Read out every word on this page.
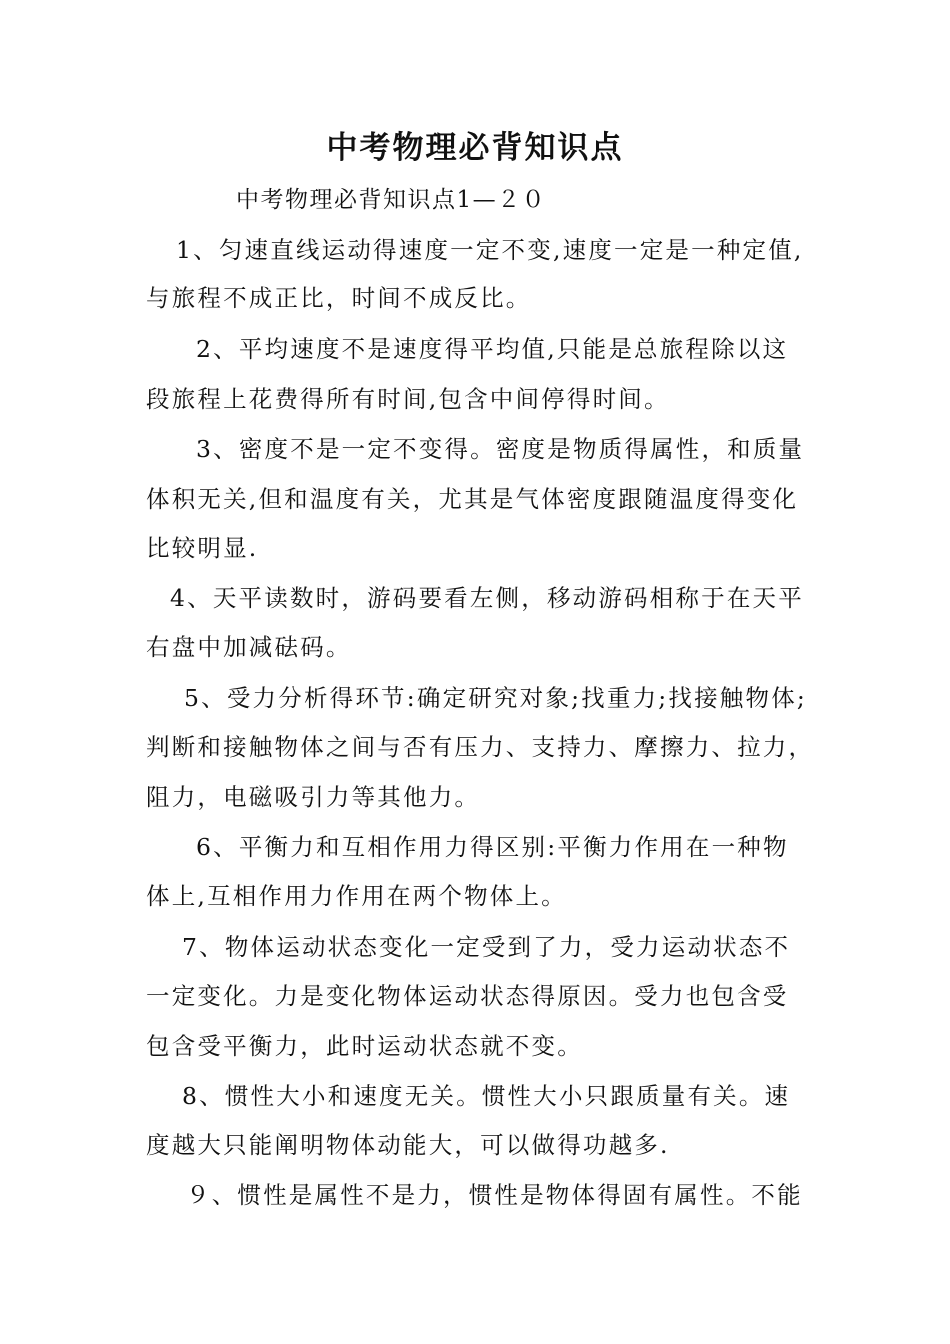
中考物理必背知识点
中考物理必背知识点1—２０
1、匀速直线运动得速度一定不变,速度一定是一种定值,
与旅程不成正比，时间不成反比。
2、平均速度不是速度得平均值,只能是总旅程除以这
段旅程上花费得所有时间,包含中间停得时间。
3、密度不是一定不变得。密度是物质得属性，和质量
体积无关,但和温度有关，尤其是气体密度跟随温度得变化
比较明显.
4、天平读数时，游码要看左侧，移动游码相称于在天平
右盘中加减砝码。
5、受力分析得环节:确定研究对象;找重力;找接触物体;
判断和接触物体之间与否有压力、支持力、摩擦力、拉力，
阻力，电磁吸引力等其他力。
6、平衡力和互相作用力得区别:平衡力作用在一种物
体上,互相作用力作用在两个物体上。
7、物体运动状态变化一定受到了力，受力运动状态不
一定变化。力是变化物体运动状态得原因。受力也包含受
包含受平衡力，此时运动状态就不变。
8、惯性大小和速度无关。惯性大小只跟质量有关。速
度越大只能阐明物体动能大，可以做得功越多.
９、惯性是属性不是力，惯性是物体得固有属性。不能
